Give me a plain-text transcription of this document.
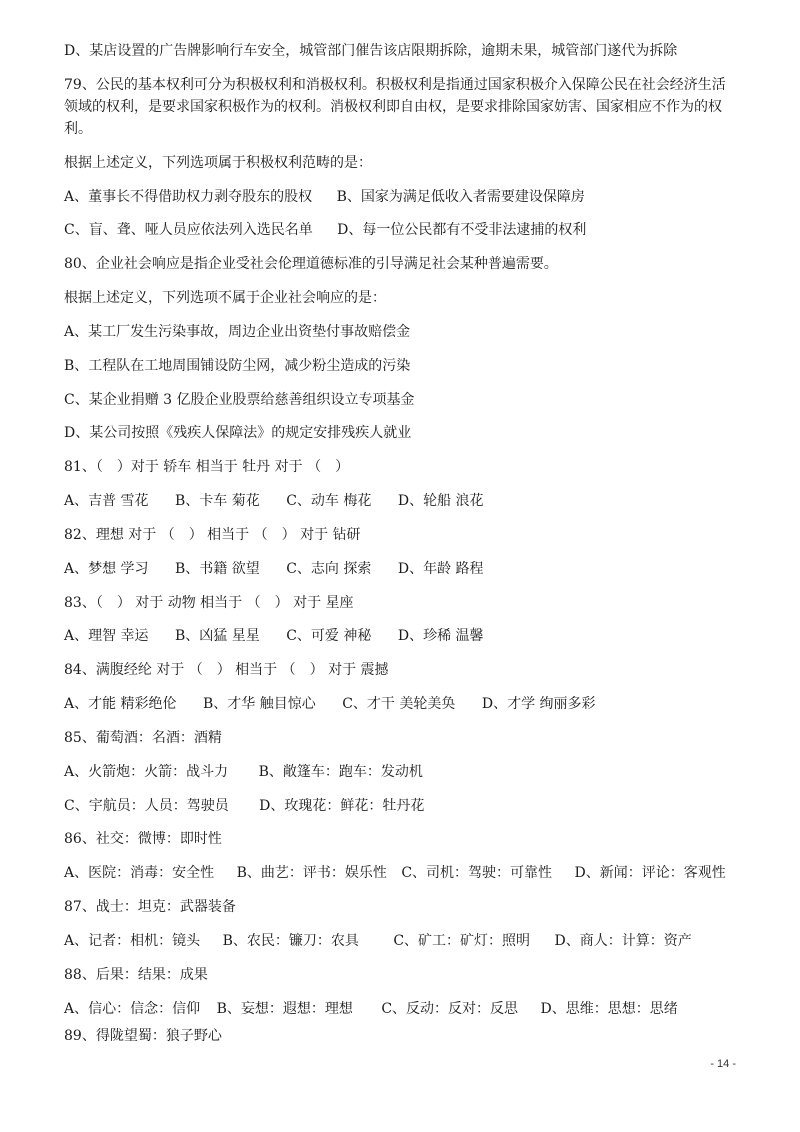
D、某店设置的广告牌影响行车安全，城管部门催告该店限期拆除，逾期未果，城管部门遂代为拆除
79、公民的基本权利可分为积极权利和消极权利。积极权利是指通过国家积极介入保障公民在社会经济生活领域的权利，是要求国家积极作为的权利。消极权利即自由权，是要求排除国家妨害、国家相应不作为的权利。
根据上述定义，下列选项属于积极权利范畴的是：
A、董事长不得借助权力剥夺股东的股权 B、国家为满足低收入者需要建设保障房
C、盲、聋、哑人员应依法列入选民名单 D、每一位公民都有不受非法逮捕的权利
80、企业社会响应是指企业受社会伦理道德标准的引导满足社会某种普遍需要。
根据上述定义，下列选项不属于企业社会响应的是：
A、某工厂发生污染事故，周边企业出资垫付事故赔偿金
B、工程队在工地周围铺设防尘网，减少粉尘造成的污染
C、某企业捐赠 3 亿股企业股票给慈善组织设立专项基金
D、某公司按照《残疾人保障法》的规定安排残疾人就业
81、（　）对于 轿车 相当于 牡丹 对于 （　）
A、吉普 雪花 B、卡车 菊花 C、动车 梅花 D、轮船 浪花
82、理想 对于 （　） 相当于 （　） 对于 钻研
A、梦想 学习 B、书籍 欲望 C、志向 探索 D、年龄 路程
83、（　） 对于 动物 相当于 （　） 对于 星座
A、理智 幸运 B、凶猛 星星 C、可爱 神秘 D、珍稀 温馨
84、满腹经纶 对于 （　） 相当于 （　） 对于 震撼
A、才能 精彩绝伦 B、才华 触目惊心 C、才干 美轮美奂 D、才学 绚丽多彩
85、葡萄酒：名酒：酒精
A、火箭炮：火箭：战斗力 B、敞篷车：跑车：发动机
C、宇航员：人员：驾驶员 D、玫瑰花：鲜花：牡丹花
86、社交：微博：即时性
A、医院：消毒：安全性 B、曲艺：评书：娱乐性 C、司机：驾驶：可靠性 D、新闻：评论：客观性
87、战士：坦克：武器装备
A、记者：相机：镜头 B、农民：镰刀：农具 C、矿工：矿灯：照明 D、商人：计算：资产
88、后果：结果：成果
A、信心：信念：信仰 B、妄想：遐想：理想 C、反动：反对：反思 D、思维：思想：思绪
89、得陇望蜀：狼子野心
- 14 -
